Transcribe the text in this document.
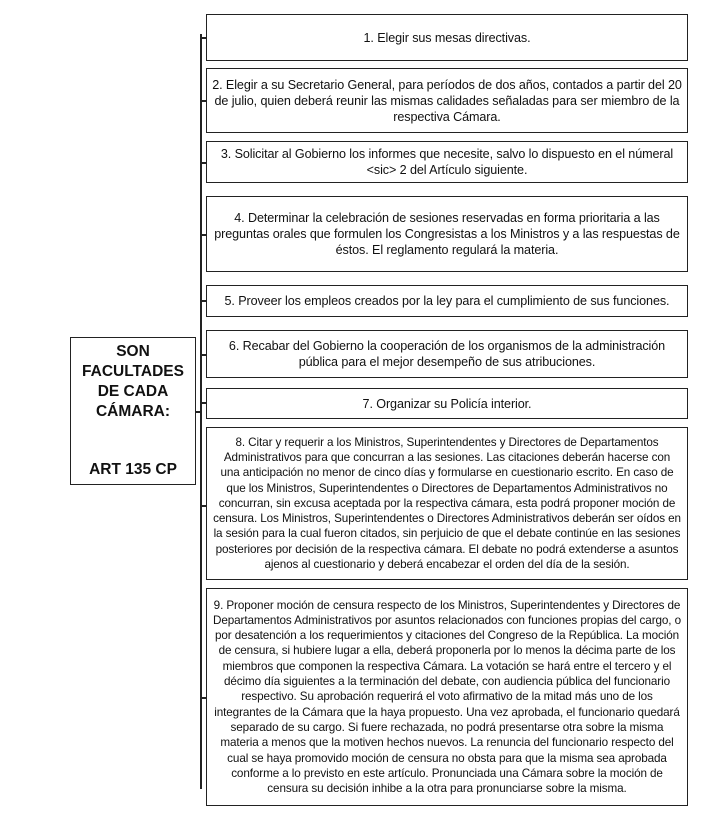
SON FACULTADES DE CADA CÁMARA:
ART 135 CP
1. Elegir sus mesas directivas.
2. Elegir a su Secretario General, para períodos de dos años, contados a partir del 20 de julio, quien deberá reunir las mismas calidades señaladas para ser miembro de la respectiva Cámara.
3. Solicitar al Gobierno los informes que necesite, salvo lo dispuesto en el númeral <sic> 2 del Artículo siguiente.
4. Determinar la celebración de sesiones reservadas en forma prioritaria a las preguntas orales que formulen los Congresistas a los Ministros y a las respuestas de éstos. El reglamento regulará la materia.
5. Proveer los empleos creados por la ley para el cumplimiento de sus funciones.
6. Recabar del Gobierno la cooperación de los organismos de la administración pública para el mejor desempeño de sus atribuciones.
7. Organizar su Policía interior.
8. Citar y requerir a los Ministros, Superintendentes y Directores de Departamentos Administrativos para que concurran a las sesiones. Las citaciones deberán hacerse con una anticipación no menor de cinco días y formularse en cuestionario escrito. En caso de que los Ministros, Superintendentes o Directores de Departamentos Administrativos no concurran, sin excusa aceptada por la respectiva cámara, esta podrá proponer moción de censura. Los Ministros, Superintendentes o Directores Administrativos deberán ser oídos en la sesión para la cual fueron citados, sin perjuicio de que el debate continúe en las sesiones posteriores por decisión de la respectiva cámara. El debate no podrá extenderse a asuntos ajenos al cuestionario y deberá encabezar el orden del día de la sesión.
9. Proponer moción de censura respecto de los Ministros, Superintendentes y Directores de Departamentos Administrativos por asuntos relacionados con funciones propias del cargo, o por desatención a los requerimientos y citaciones del Congreso de la República. La moción de censura, si hubiere lugar a ella, deberá proponerla por lo menos la décima parte de los miembros que componen la respectiva Cámara. La votación se hará entre el tercero y el décimo día siguientes a la terminación del debate, con audiencia pública del funcionario respectivo. Su aprobación requerirá el voto afirmativo de la mitad más uno de los integrantes de la Cámara que la haya propuesto. Una vez aprobada, el funcionario quedará separado de su cargo. Si fuere rechazada, no podrá presentarse otra sobre la misma materia a menos que la motiven hechos nuevos. La renuncia del funcionario respecto del cual se haya promovido moción de censura no obsta para que la misma sea aprobada conforme a lo previsto en este artículo. Pronunciada una Cámara sobre la moción de censura su decisión inhibe a la otra para pronunciarse sobre la misma.
